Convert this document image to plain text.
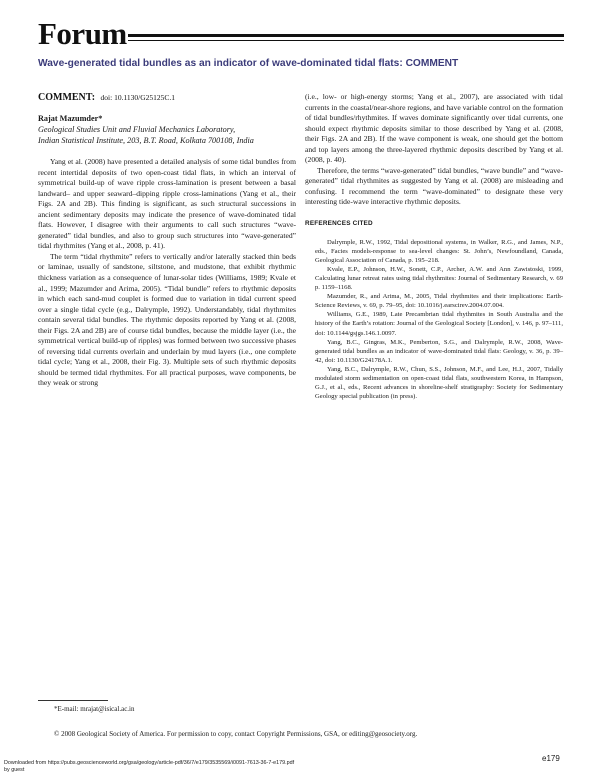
Forum
Wave-generated tidal bundles as an indicator of wave-dominated tidal flats: COMMENT
COMMENT: doi: 10.1130/G25125C.1
Rajat Mazumder*
Geological Studies Unit and Fluvial Mechanics Laboratory,
Indian Statistical Institute, 203, B.T. Road, Kolkata 700108, India

Yang et al. (2008) have presented a detailed analysis of some tidal bundles from recent intertidal deposits of two open-coast tidal flats, in which an interval of symmetrical build-up of wave ripple cross-lamination is present between a basal landward– and upper seaward–dipping ripple cross-laminations (Yang et al., their Figs. 2A and 2B). This finding is significant, as such structural successions in ancient sedimentary deposits may indicate the presence of wave-dominated tidal flats. However, I disagree with their arguments to call such structures “wave-generated” tidal bundles, and also to group such structures into “wave-generated” tidal rhythmites (Yang et al., 2008, p. 41).

The term “tidal rhythmite” refers to vertically and/or laterally stacked thin beds or laminae, usually of sandstone, siltstone, and mudstone, that exhibit rhythmic thickness variation as a consequence of lunar-solar tides (Williams, 1989; Kvale et al., 1999; Mazumder and Arima, 2005). “Tidal bundle” refers to rhythmic deposits in which each sand-mud couplet is formed due to variation in tidal current speed over a single tidal cycle (e.g., Dalrymple, 1992). Understandably, tidal rhythmites contain several tidal bundles. The rhythmic deposits reported by Yang et al. (2008, their Figs. 2A and 2B) are of course tidal bundles, because the middle layer (i.e., the symmetrical vertical build-up of ripples) was formed between two successive phases of reversing tidal currents overlain and underlain by mud layers (i.e., one complete tidal cycle; Yang et al., 2008, their Fig. 3). Multiple sets of such rhythmic deposits should be termed tidal rhythmites. For all practical purposes, wave components, be they weak or strong

(i.e., low- or high-energy storms; Yang et al., 2007), are associated with tidal currents in the coastal/near-shore regions, and have variable control on the formation of tidal bundles/rhythmites. If waves dominate significantly over tidal currents, one should expect rhythmic deposits similar to those described by Yang et al. (2008, their Figs. 2A and 2B). If the wave component is weak, one should get the bottom and top layers among the three-layered rhythmic deposits described by Yang et al. (2008, p. 40).

Therefore, the terms “wave-generated” tidal bundles, “wave bundle” and “wave-generated” tidal rhythmites as suggested by Yang et al. (2008) are misleading and confusing. I recommend the term “wave-dominated” to designate these very interesting tide-wave interactive rhythmic deposits.

REFERENCES CITED

Dalrymple, R.W., 1992, Tidal depositional systems, in Walker, R.G., and James, N.P., eds., Facies models-response to sea-level changes: St. John’s, Newfoundland, Canada, Geological Association of Canada, p. 195–218.

Kvale, E.P., Johnson, H.W., Sonett, C.P., Archer, A.W. and Ann Zawistoski, 1999, Calculating lunar retreat rates using tidal rhythmites: Journal of Sedimentary Research, v. 69 p. 1159–1168.

Mazumder, R., and Arima, M., 2005, Tidal rhythmites and their implications: Earth-Science Reviews, v. 69, p. 79–95, doi: 10.1016/j.earscirev.2004.07.004.

Williams, G.E., 1989, Late Precambrian tidal rhythmites in South Australia and the history of the Earth’s rotation: Journal of the Geological Society [London], v. 146, p. 97–111, doi: 10.1144/gsjgs.146.1.0097.

Yang, B.C., Gingras, M.K., Pemberton, S.G., and Dalrymple, R.W., 2008, Wave-generated tidal bundles as an indicator of wave-dominated tidal flats: Geology, v. 36, p. 39–42, doi: 10.1130/G24178A.1.

Yang, B.C., Dalrymple, R.W., Chun, S.S., Johnson, M.F., and Lee, H.J., 2007, Tidally modulated storm sedimentation on open-coast tidal flats, southwestern Korea, in Hampson, G.J., et al., eds., Recent advances in shoreline-shelf stratigraphy: Society for Sedimentary Geology special publication (in press).

*E-mail: mrajat@isical.ac.in
© 2008 Geological Society of America. For permission to copy, contact Copyright Permissions, GSA, or editing@geosociety.org.
e179
Downloaded from https://pubs.geoscienceworld.org/gsa/geology/article-pdf/36/7/e179/3535569/i0091-7613-36-7-e179.pdf
by guest
